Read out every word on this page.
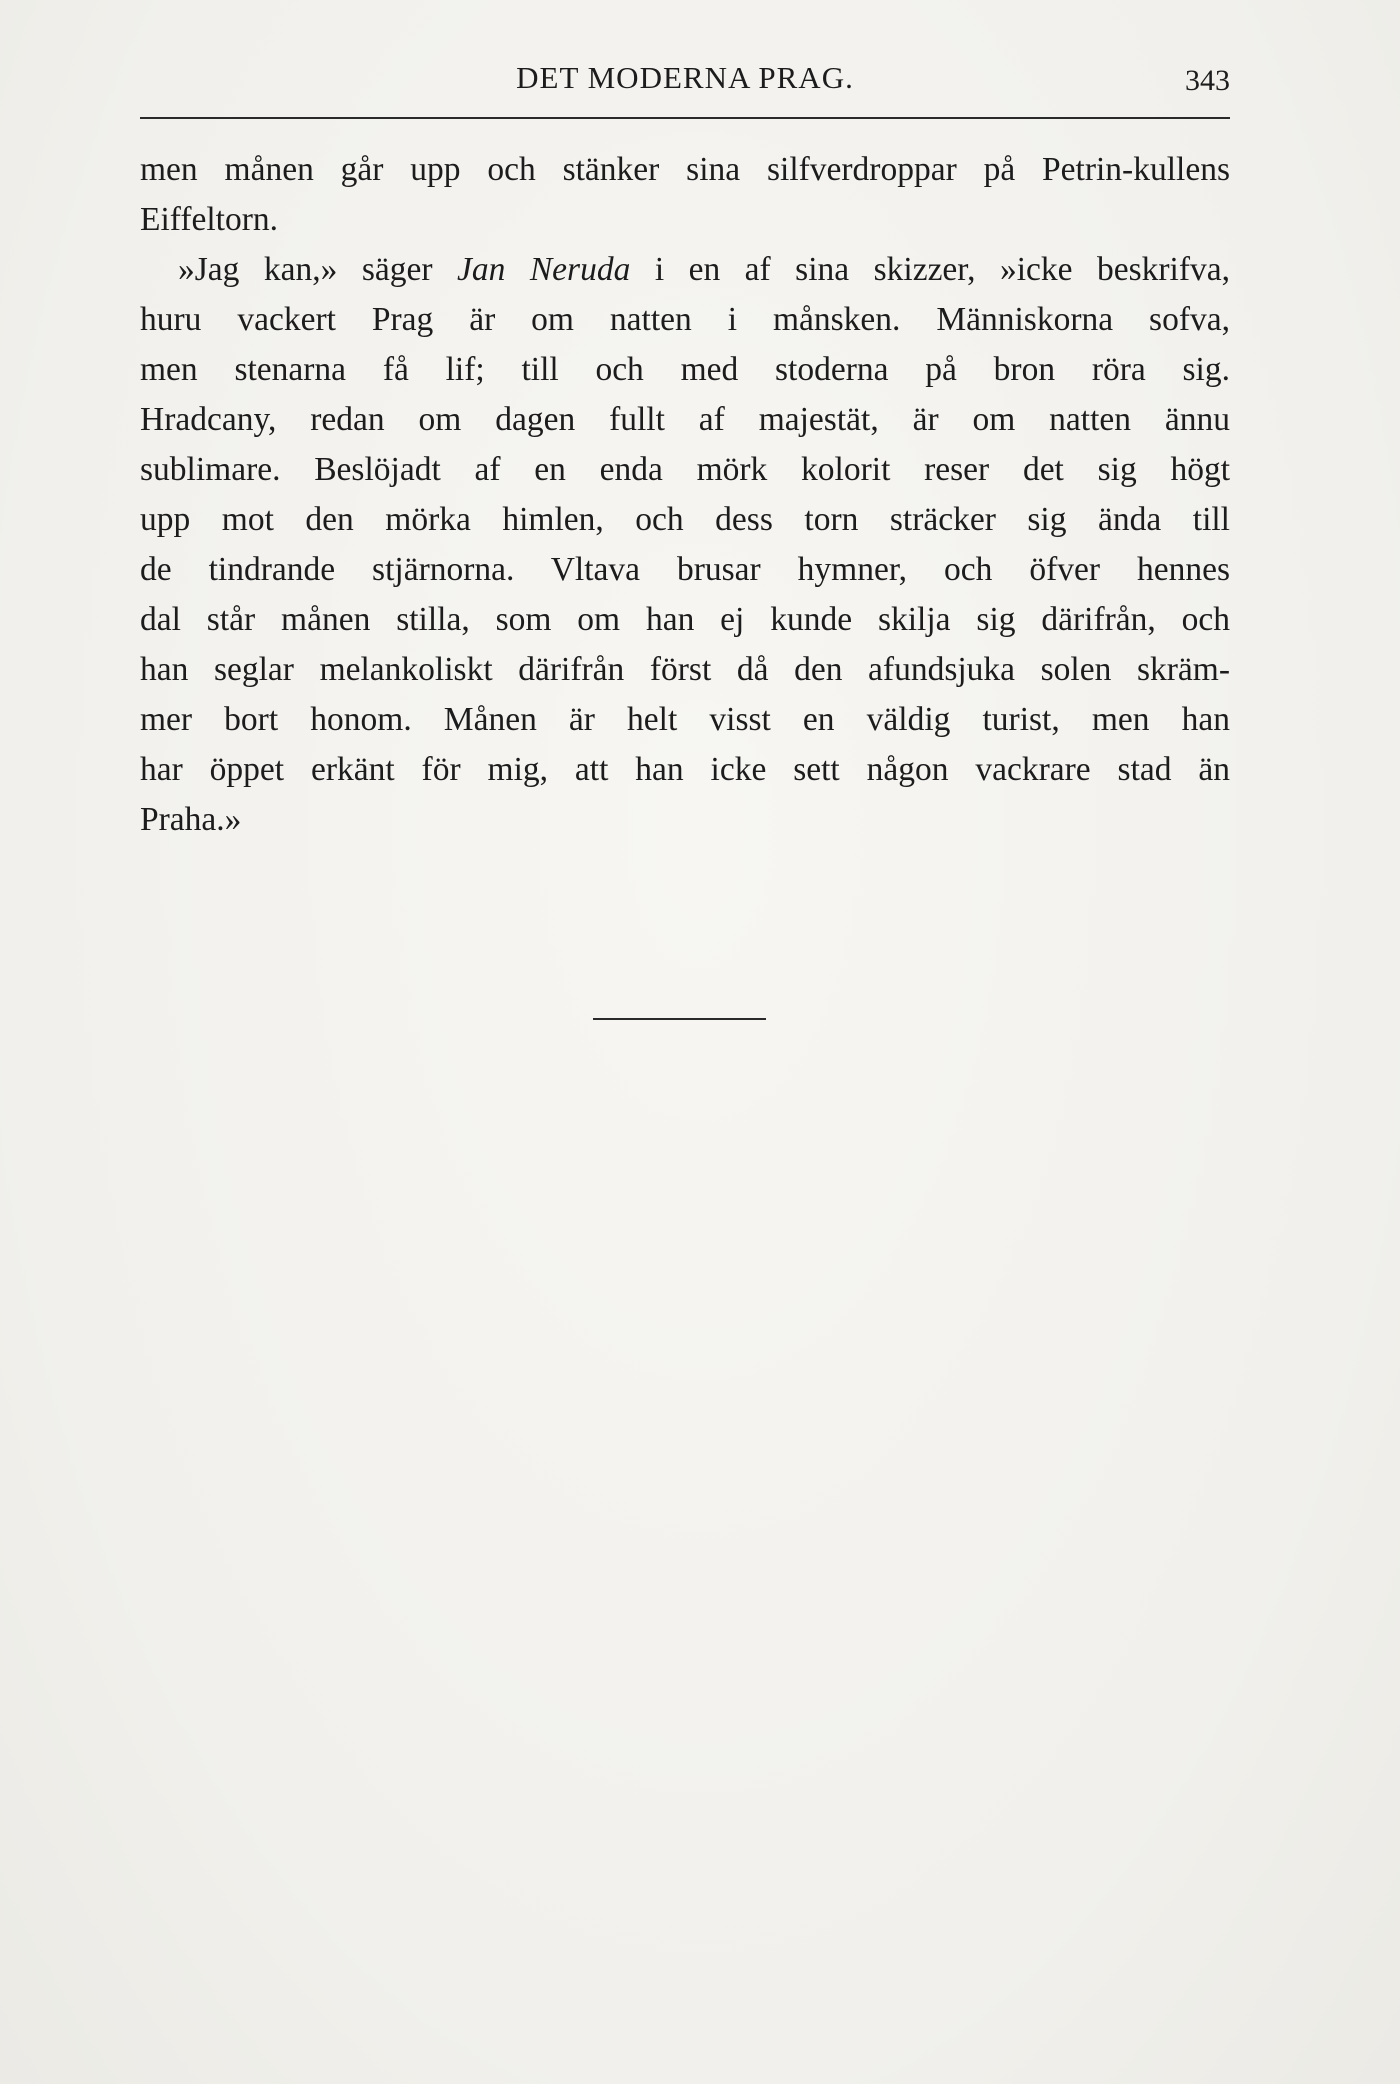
DET MODERNA PRAG.	343
men månen går upp och stänker sina silfverdroppar på Petrin-kullens
Eiffeltorn.
»Jag kan,» säger Jan Neruda i en af sina skizzer, »icke beskrifva,
huru vackert Prag är om natten i månsken. Människorna sofva,
men stenarna få lif; till och med stoderna på bron röra sig.
Hradcany, redan om dagen fullt af majestät, är om natten ännu
sublimare. Beslöjadt af en enda mörk kolorit reser det sig högt
upp mot den mörka himlen, och dess torn sträcker sig ända till
de tindrande stjärnorna. Vltava brusar hymner, och öfver hennes
dal står månen stilla, som om han ej kunde skilja sig därifrån, och
han seglar melankoliskt därifrån först då den afundsjuka solen skräm-
mer bort honom. Månen är helt visst en väldig turist, men han
har öppet erkänt för mig, att han icke sett någon vackrare stad än
Praha.»
